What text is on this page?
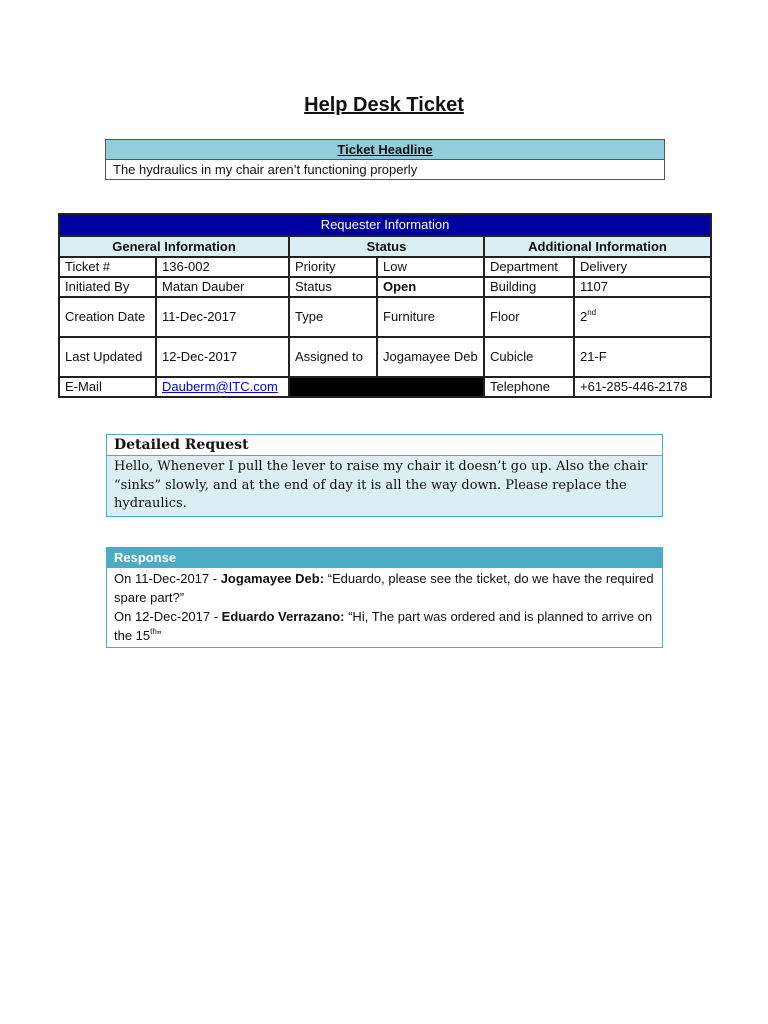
Help Desk Ticket
Ticket Headline
The hydraulics in my chair aren’t functioning properly
Requester Information					
General Information		Status		Additional Information	
Ticket #	136-002	Priority	Low	Department	Delivery
Initiated By	Matan Dauber	Status	Open	Building	1107
Creation Date	11-Dec-2017	Type	Furniture	Floor	2nd
Last Updated	12-Dec-2017	Assigned to	Jogamayee Deb	Cubicle	21-F
E-Mail	Dauberm@ITC.com			Telephone	+61-285-446-2178
Detailed Request
Hello, Whenever I pull the lever to raise my chair it doesn’t go up. Also the chair “sinks” slowly, and at the end of day it is all the way down. Please replace the hydraulics.
Response
On 11-Dec-2017 - Jogamayee Deb: “Eduardo, please see the ticket, do we have the required spare part?”
On 12-Dec-2017 - Eduardo Verrazano: “Hi, The part was ordered and is planned to arrive on the 15th”
